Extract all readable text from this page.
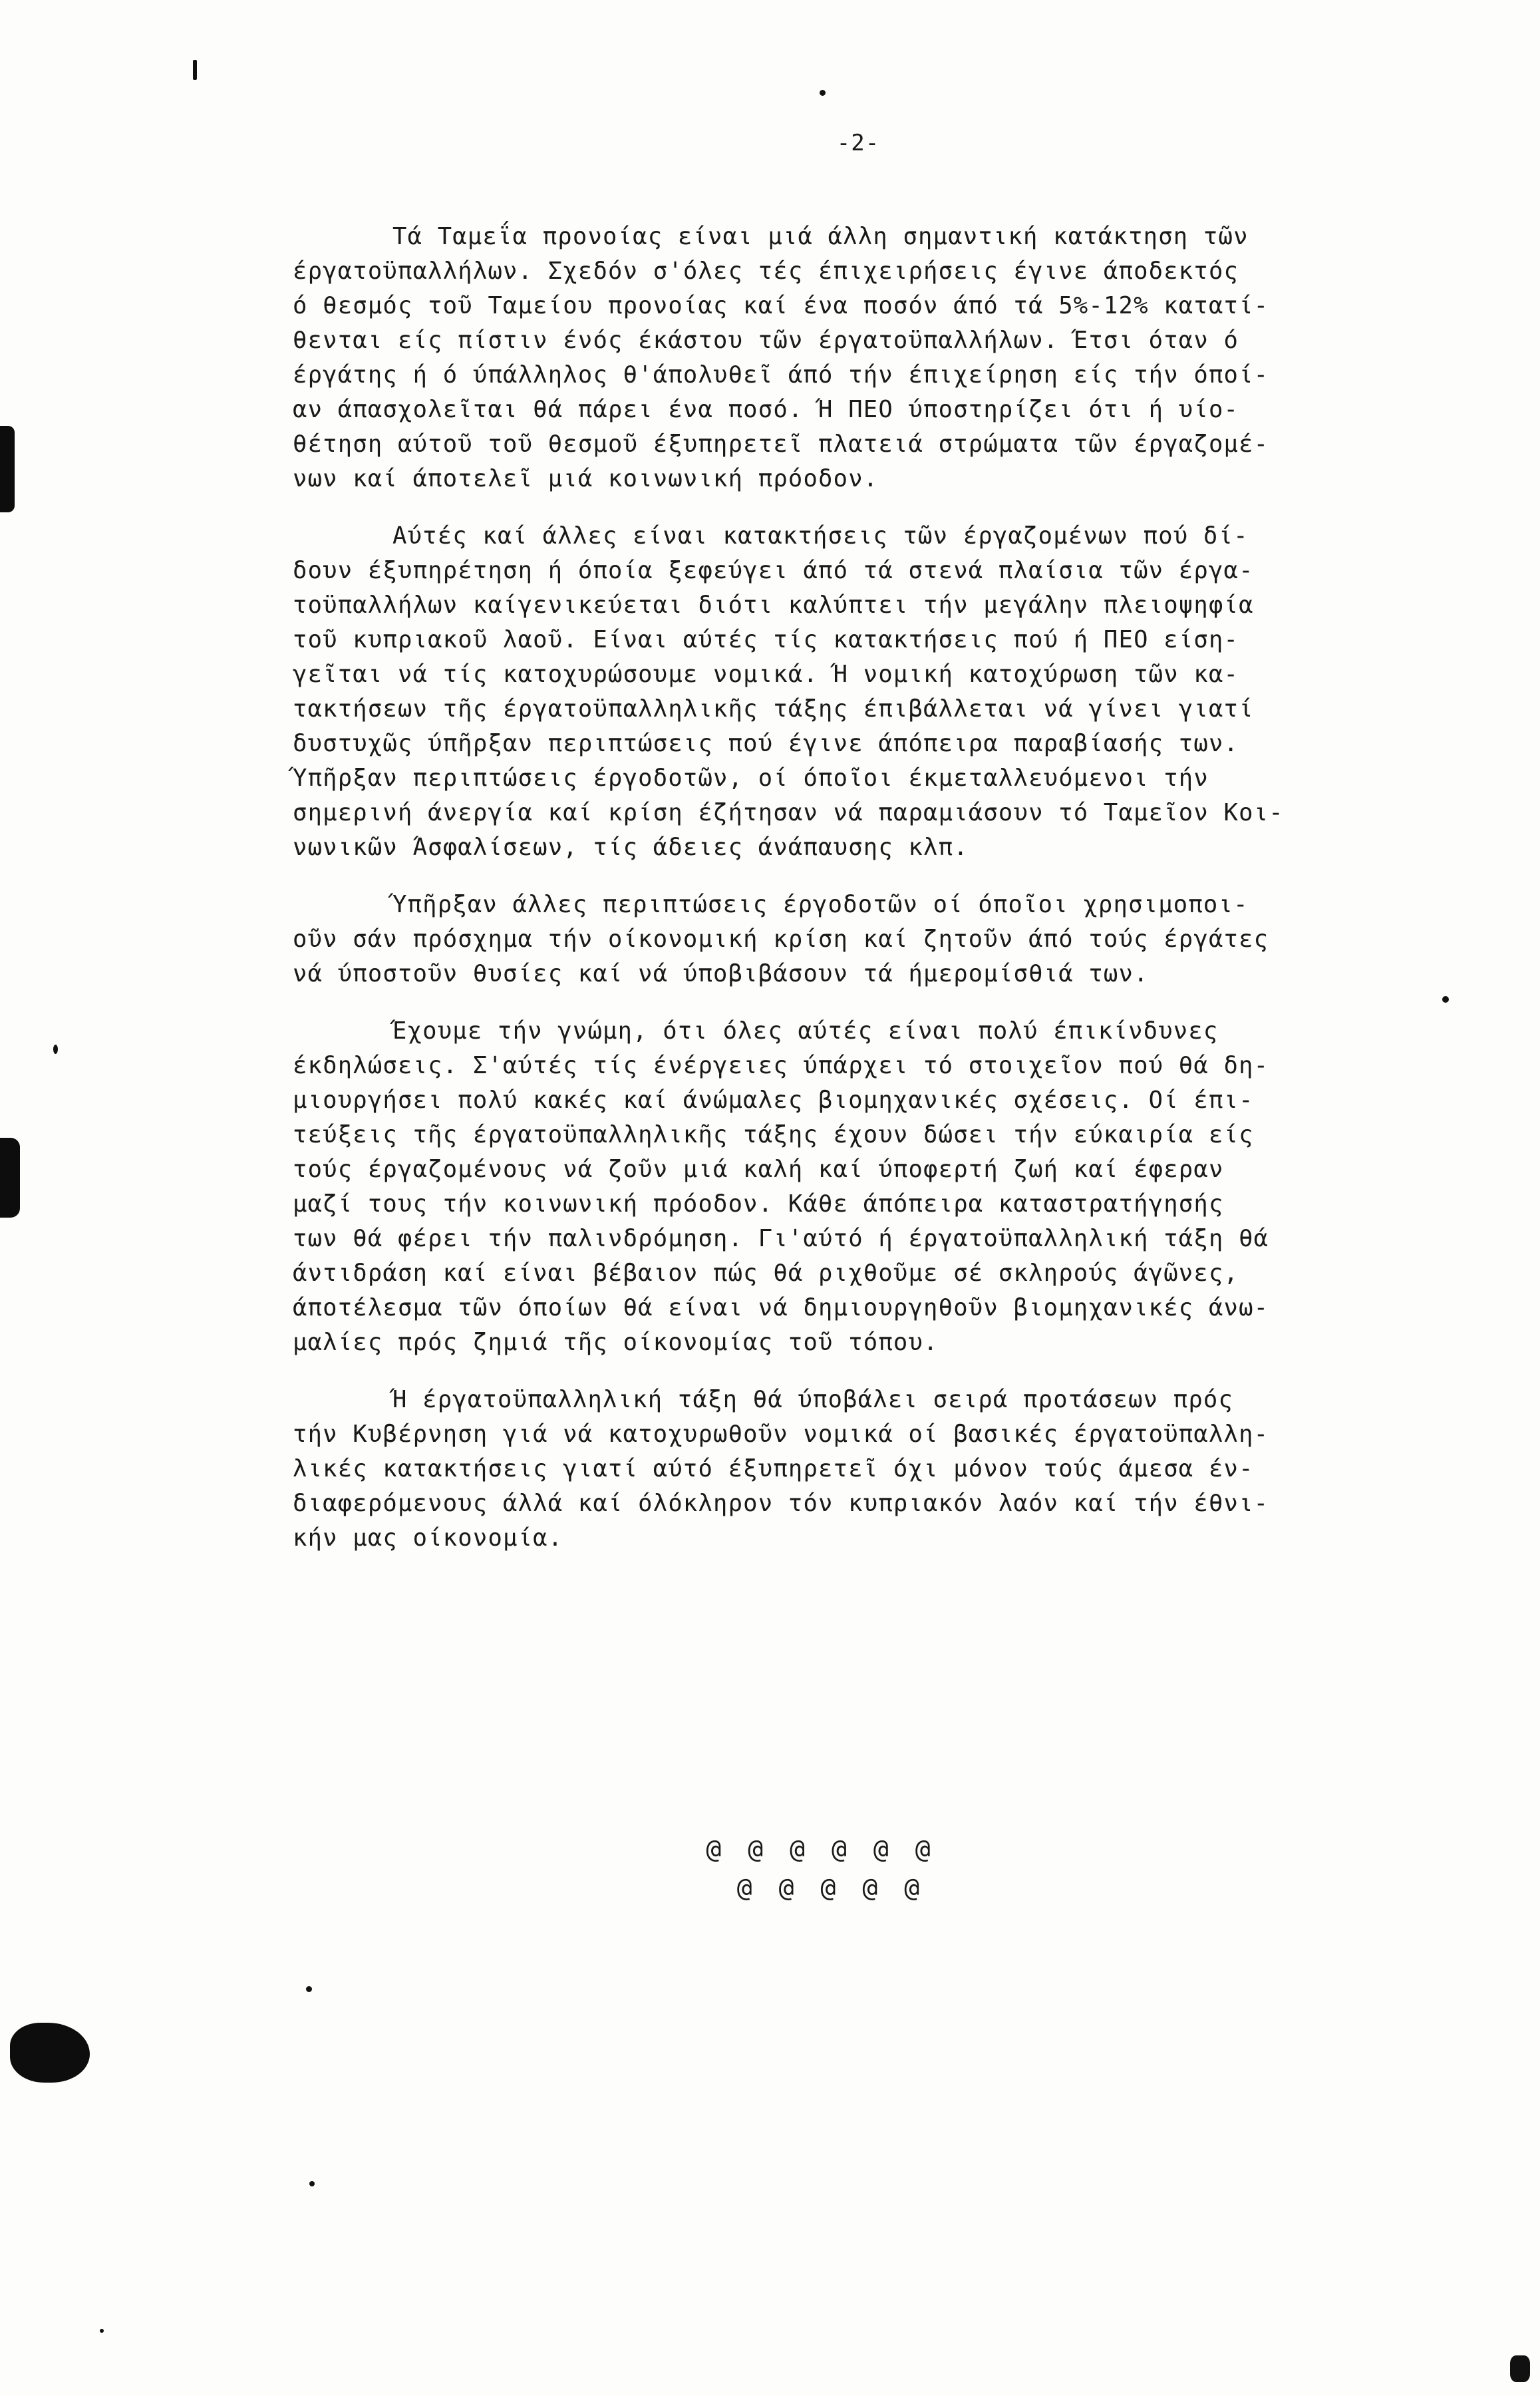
-2-
Τά Ταμεΐα προνοίας είναι μιά άλλη σημαντική κατάκτηση τῶν
έργατοϋπαλλήλων. Σχεδόν σ'όλες τές έπιχειρήσεις έγινε άποδεκτός
ό θεσμός τοῦ Ταμείου προνοίας καί ένα ποσόν άπό τά 5%-12% κατατί-
θενται είς πίστιν ένός έκάστου τῶν έργατοϋπαλλήλων. Έτσι όταν ό
έργάτης ή ό ύπάλληλος θ'άπολυθεῖ άπό τήν έπιχείρηση είς τήν όποί-
αν άπασχολεῖται θά πάρει ένα ποσό. Ή ΠΕΟ ύποστηρίζει ότι ή υίο-
θέτηση αύτοῦ τοῦ θεσμοῦ έξυπηρετεῖ πλατειά στρώματα τῶν έργαζομέ-
νων καί άποτελεῖ μιά κοινωνική πρόοδον.
Αύτές καί άλλες είναι κατακτήσεις τῶν έργαζομένων πού δί-
δουν έξυπηρέτηση ή όποία ξεφεύγει άπό τά στενά πλαίσια τῶν έργα-
τοϋπαλλήλων καίγενικεύεται διότι καλύπτει τήν μεγάλην πλειοψηφία
τοῦ κυπριακοῦ λαοῦ. Είναι αύτές τίς κατακτήσεις πού ή ΠΕΟ είση-
γεῖται νά τίς κατοχυρώσουμε νομικά. Ή νομική κατοχύρωση τῶν κα-
τακτήσεων τῆς έργατοϋπαλληλικῆς τάξης έπιβάλλεται νά γίνει γιατί
δυστυχῶς ύπῆρξαν περιπτώσεις πού έγινε άπόπειρα παραβίασής των.
Ύπῆρξαν περιπτώσεις έργοδοτῶν, οί όποῖοι έκμεταλλευόμενοι τήν
σημερινή άνεργία καί κρίση έζήτησαν νά παραμιάσουν τό Ταμεῖον Κοι-
νωνικῶν Άσφαλίσεων, τίς άδειες άνάπαυσης κλπ.
Ύπῆρξαν άλλες περιπτώσεις έργοδοτῶν οί όποῖοι χρησιμοποι-
οῦν σάν πρόσχημα τήν οίκονομική κρίση καί ζητοῦν άπό τούς έργάτες
νά ύποστοῦν θυσίες καί νά ύποβιβάσουν τά ήμερομίσθιά των.
Έχουμε τήν γνώμη, ότι όλες αύτές είναι πολύ έπικίνδυνες
έκδηλώσεις. Σ'αύτές τίς ένέργειες ύπάρχει τό στοιχεῖον πού θά δη-
μιουργήσει πολύ κακές καί άνώμαλες βιομηχανικές σχέσεις. Οί έπι-
τεύξεις τῆς έργατοϋπαλληλικῆς τάξης έχουν δώσει τήν εύκαιρία είς
τούς έργαζομένους νά ζοῦν μιά καλή καί ύποφερτή ζωή καί έφεραν
μαζί τους τήν κοινωνική πρόοδον. Κάθε άπόπειρα καταστρατήγησής
των θά φέρει τήν παλινδρόμηση. Γι'αύτό ή έργατοϋπαλληλική τάξη θά
άντιδράση καί είναι βέβαιον πώς θά ριχθοῦμε σέ σκληρούς άγῶνες,
άποτέλεσμα τῶν όποίων θά είναι νά δημιουργηθοῦν βιομηχανικές άνω-
μαλίες πρός ζημιά τῆς οίκονομίας τοῦ τόπου.
Ή έργατοϋπαλληλική τάξη θά ύποβάλει σειρά προτάσεων πρός
τήν Κυβέρνηση γιά νά κατοχυρωθοῦν νομικά οί βασικές έργατοϋπαλλη-
λικές κατακτήσεις γιατί αύτό έξυπηρετεῖ όχι μόνον τούς άμεσα έν-
διαφερόμενους άλλά καί όλόκληρον τόν κυπριακόν λαόν καί τήν έθνι-
κήν μας οίκονομία.
@@@@@@
@@@@@
